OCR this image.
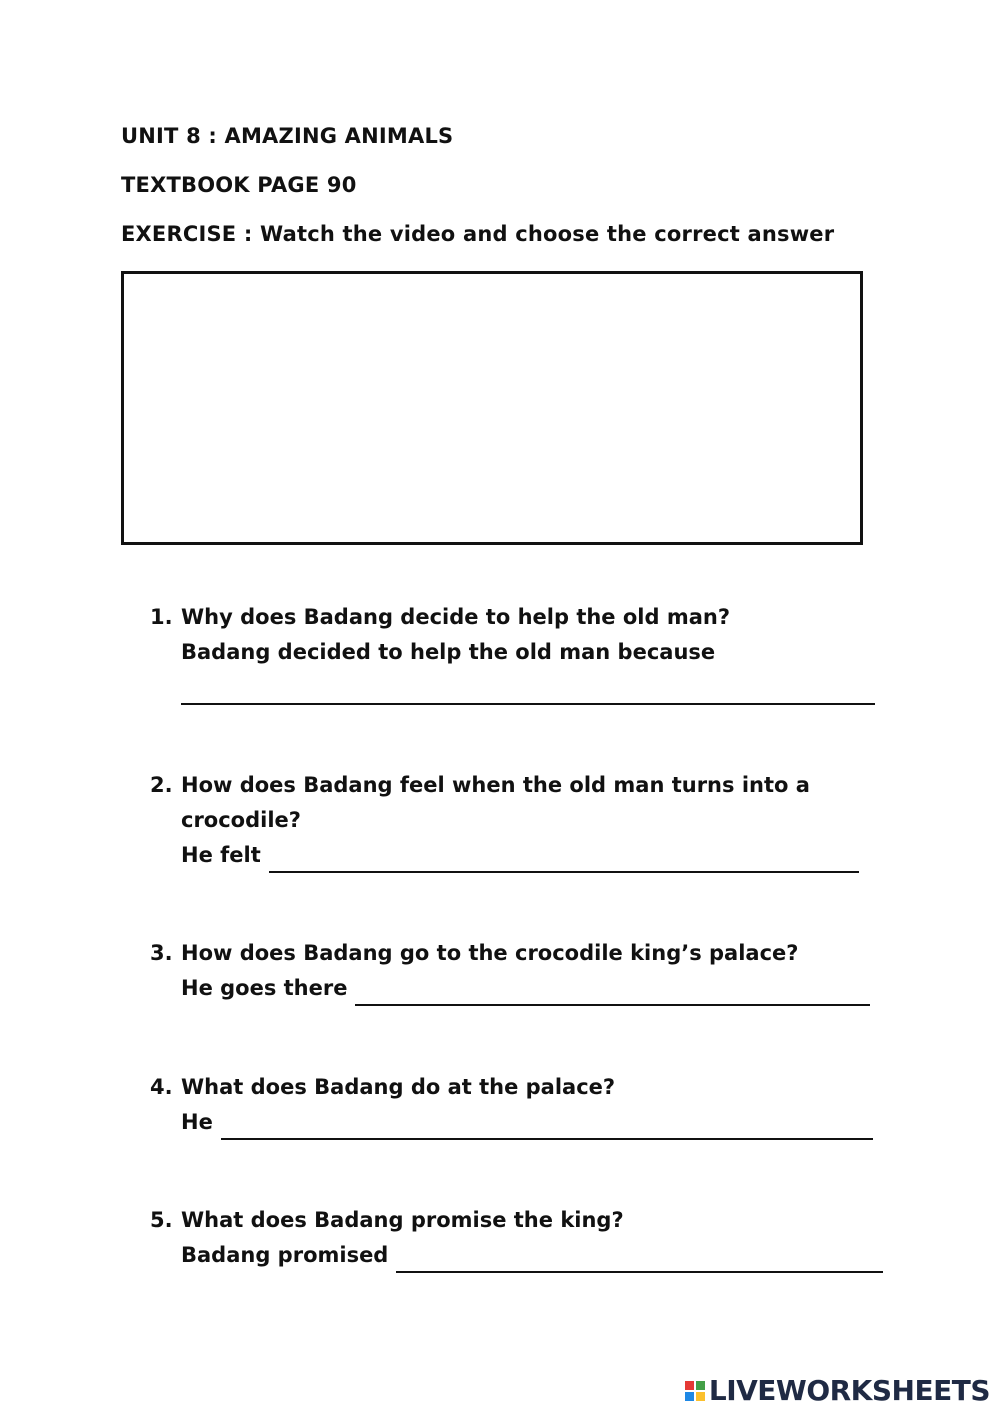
UNIT 8 : AMAZING ANIMALS
TEXTBOOK PAGE 90
EXERCISE : Watch the video and choose the correct answer
1. Why does Badang decide to help the old man?
Badang decided to help the old man because
2. How does Badang feel when the old man turns into a
crocodile?
He felt
3. How does Badang go to the crocodile king’s palace?
He goes there
4. What does Badang do at the palace?
He
5. What does Badang promise the king?
Badang promised
LIVEWORKSHEETS
